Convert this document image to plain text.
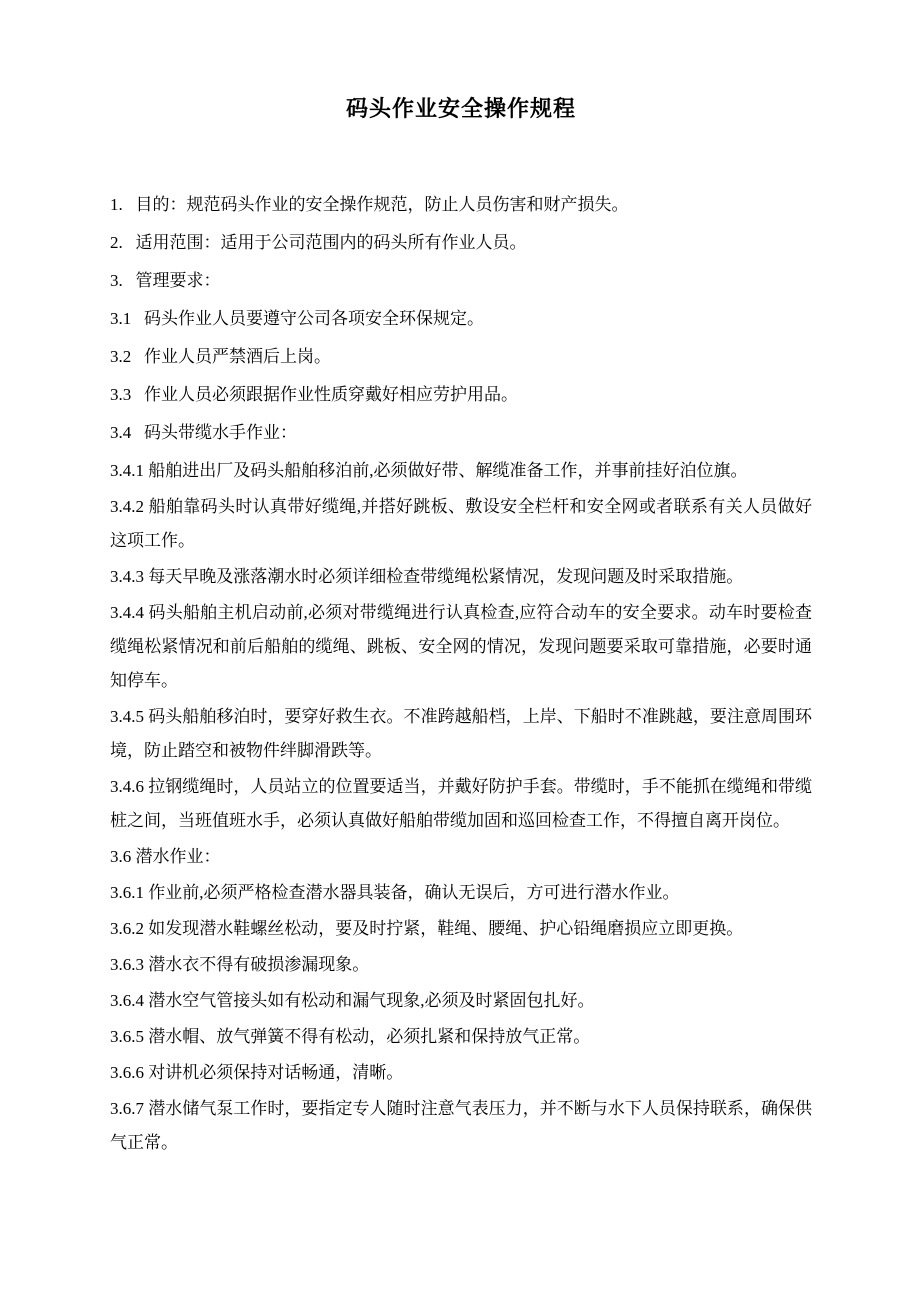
码头作业安全操作规程

1.   目的：规范码头作业的安全操作规范，防止人员伤害和财产损失。

2.   适用范围：适用于公司范围内的码头所有作业人员。

3.   管理要求：

3.1   码头作业人员要遵守公司各项安全环保规定。

3.2   作业人员严禁酒后上岗。

3.3   作业人员必须跟据作业性质穿戴好相应劳护用品。

3.4   码头带缆水手作业：

3.4.1 船舶进出厂及码头船舶移泊前,必须做好带、解缆准备工作，并事前挂好泊位旗。

3.4.2 船舶靠码头时认真带好缆绳,并搭好跳板、敷设安全栏杆和安全网或者联系有关人员做好这项工作。

3.4.3 每天早晚及涨落潮水时必须详细检查带缆绳松紧情况，发现问题及时采取措施。

3.4.4 码头船舶主机启动前,必须对带缆绳进行认真检查,应符合动车的安全要求。动车时要检查缆绳松紧情况和前后船舶的缆绳、跳板、安全网的情况，发现问题要采取可靠措施，必要时通知停车。

3.4.5 码头船舶移泊时，要穿好救生衣。不准跨越船档，上岸、下船时不准跳越，要注意周围环境，防止踏空和被物件绊脚滑跌等。

3.4.6 拉钢缆绳时，人员站立的位置要适当，并戴好防护手套。带缆时，手不能抓在缆绳和带缆桩之间，当班值班水手，必须认真做好船舶带缆加固和巡回检查工作，不得擅自离开岗位。

3.6 潜水作业：

3.6.1 作业前,必须严格检查潜水器具装备，确认无误后，方可进行潜水作业。

3.6.2 如发现潜水鞋螺丝松动，要及时拧紧，鞋绳、腰绳、护心铅绳磨损应立即更换。

3.6.3 潜水衣不得有破损渗漏现象。

3.6.4 潜水空气管接头如有松动和漏气现象,必须及时紧固包扎好。

3.6.5 潜水帽、放气弹簧不得有松动，必须扎紧和保持放气正常。

3.6.6 对讲机必须保持对话畅通，清晰。

3.6.7 潜水储气泵工作时，要指定专人随时注意气表压力，并不断与水下人员保持联系，确保供气正常。
